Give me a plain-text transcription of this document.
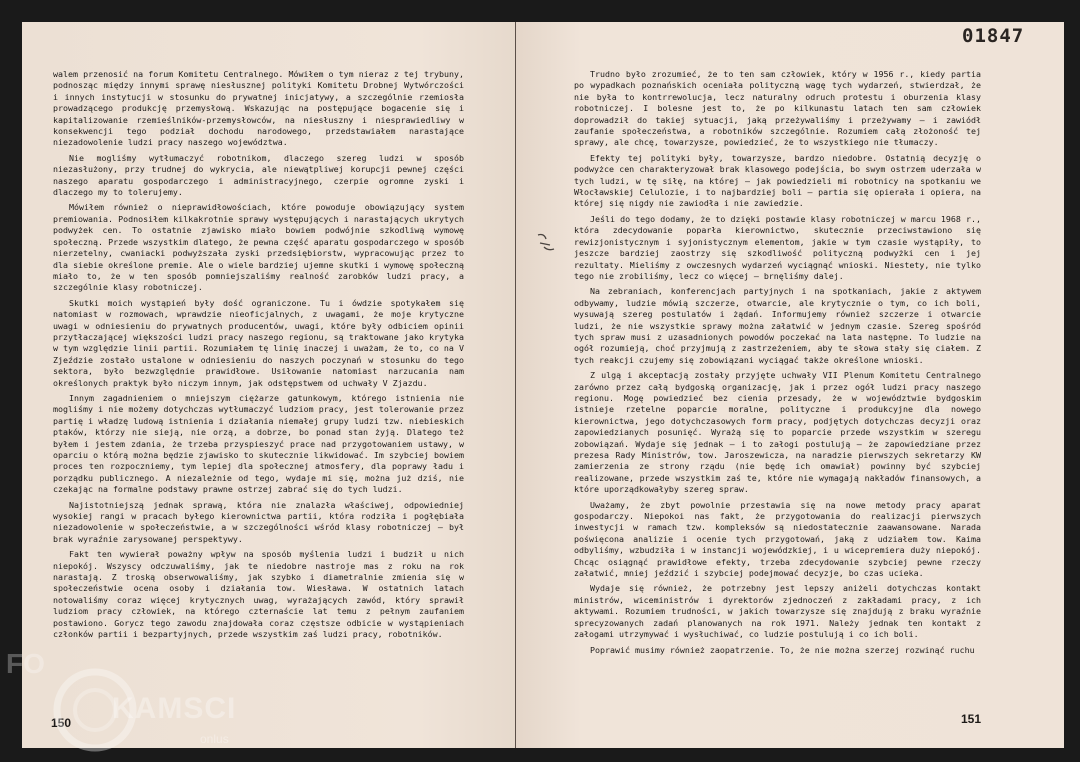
walem przenosić na forum Komitetu Centralnego. Mówiłem o tym nieraz z tej trybuny, podnosząc między innymi sprawę niesłusznej polityki Komitetu Drobnej Wytwórczości i innych instytucji w stosunku do prywatnej inicjatywy, a szczególnie rzemiosła prowadzącego produkcję przemysłową. Wskazując na postępujące bogacenie się i kapitalizowanie rzemieślników-przemysłowców, na niesłuszny i niesprawiedliwy w konsekwencji tego podział dochodu narodowego, przedstawiałem narastające niezadowolenie ludzi pracy naszego województwa.

Nie mogliśmy wytłumaczyć robotnikom, dlaczego szereg ludzi w sposób niezasłużony, przy trudnej do wykrycia, ale niewątpliwej korupcji pewnej części naszego aparatu gospodarczego i administracyjnego, czerpie ogromne zyski i dlaczego my to tolerujemy.

Mówiłem również o nieprawidłowościach, które powoduje obowiązujący system premiowania. Podnosiłem kilkakrotnie sprawy występujących i narastających ukrytych podwyżek cen. To ostatnie zjawisko miało bowiem podwójnie szkodliwą wymowę społeczną. Przede wszystkim dlatego, że pewna część aparatu gospodarczego w sposób nierzetelny, cwaniacki podwyższała zyski przedsiębiorstw, wypracowując przez to dla siebie określone premie. Ale o wiele bardziej ujemne skutki i wymowę społeczną miało to, że w ten sposób pomniejszaliśmy realność zarobków ludzi pracy, a szczególnie klasy robotniczej.

Skutki moich wystąpień były dość ograniczone. Tu i ówdzie spotykałem się natomiast w rozmowach, wprawdzie nieoficjalnych, z uwagami, że moje krytyczne uwagi w odniesieniu do prywatnych producentów, uwagi, które były odbiciem opinii przytłaczającej większości ludzi pracy naszego regionu, są traktowane jako krytyka w tym względzie linii partii. Rozumiałem tę linię inaczej i uważam, że to, co na V Zjeździe zostało ustalone w odniesieniu do naszych poczynań w stosunku do tego sektora, było bezwzględnie prawidłowe. Usiłowanie natomiast narzucania nam określonych praktyk było niczym innym, jak odstępstwem od uchwały V Zjazdu.

Innym zagadnieniem o mniejszym ciężarze gatunkowym, którego istnienia nie mogliśmy i nie możemy dotychczas wytłumaczyć ludziom pracy, jest tolerowanie przez partię i władzę ludową istnienia i działania niemałej grupy ludzi tzw. niebieskich ptaków, którzy nie sieją, nie orzą, a dobrze, bo ponad stan żyją. Dlatego też byłem i jestem zdania, że trzeba przyspieszyć prace nad przygotowaniem ustawy, w oparciu o którą można będzie zjawisko to skutecznie likwidować. Im szybciej bowiem proces ten rozpoczniemy, tym lepiej dla społecznej atmosfery, dla poprawy ładu i porządku publicznego. A niezależnie od tego, wydaje mi się, można już dziś, nie czekając na formalne podstawy prawne ostrzej zabrać się do tych ludzi.

Najistotniejszą jednak sprawą, która nie znalazła właściwej, odpowiedniej wysokiej rangi w pracach byłego kierownictwa partii, która rodziła i pogłębiała niezadowolenie w społeczeństwie, a w szczególności wśród klasy robotniczej — był brak wyraźnie zarysowanej perspektywy.

Fakt ten wywierał poważny wpływ na sposób myślenia ludzi i budził u nich niepokój. Wszyscy odczuwaliśmy, jak te niedobre nastroje mas z roku na rok narastają. Z troską obserwowaliśmy, jak szybko i diametralnie zmienia się w społeczeństwie ocena osoby i działania tow. Wiesława. W ostatnich latach notowaliśmy coraz więcej krytycznych uwag, wyrażających zawód, który sprawił ludziom pracy człowiek, na którego czternaście lat temu z pełnym zaufaniem postawiono. Gorycz tego zawodu znajdowała coraz częstsze odbicie w wystąpieniach członków partii i bezpartyjnych, przede wszystkim zaś ludzi pracy, robotników.

150
01847

Trudno było zrozumieć, że to ten sam człowiek, który w 1956 r., kiedy partia po wypadkach poznańskich oceniała polityczną wagę tych wydarzeń, stwierdzał, że nie była to kontrrewolucja, lecz naturalny odruch protestu i oburzenia klasy robotniczej. I bolesne jest to, że po kilkunastu latach ten sam człowiek doprowadził do takiej sytuacji, jaką przeżywaliśmy i przeżywamy — i zawiódł zaufanie społeczeństwa, a robotników szczególnie. Rozumiem całą złożoność tej sprawy, ale chcę, towarzysze, powiedzieć, że to wszystkiego nie tłumaczy.

Efekty tej polityki były, towarzysze, bardzo niedobre. Ostatnią decyzję o podwyżce cen charakteryzował brak klasowego podejścia, bo swym ostrzem uderzała w tych ludzi, w tę siłę, na której — jak powiedzieli mi robotnicy na spotkaniu we Włocławskiej Celulozie, i to najbardziej boli — partia się opierała i opiera, na której się nigdy nie zawiodła i nie zawiedzie.

Jeśli do tego dodamy, że to dzięki postawie klasy robotniczej w marcu 1968 r., która zdecydowanie poparła kierownictwo, skutecznie przeciwstawiono się rewizjonistycznym i syjonistycznym elementom, jakie w tym czasie wystąpiły, to jeszcze bardziej zaostrzy się szkodliwość polityczną podwyżki cen i jej rezultaty. Mieliśmy z owczesnych wydarzeń wyciągnąć wnioski. Niestety, nie tylko tego nie zrobiliśmy, lecz co więcej — brnęliśmy dalej.

Na zebraniach, konferencjach partyjnych i na spotkaniach, jakie z aktywem odbywamy, ludzie mówią szczerze, otwarcie, ale krytycznie o tym, co ich boli, wysuwają szereg postulatów i żądań. Informujemy również szczerze i otwarcie ludzi, że nie wszystkie sprawy można załatwić w jednym czasie. Szereg spośród tych spraw musi z uzasadnionych powodów poczekać na lata następne. To ludzie na ogół rozumieją, choć przyjmują z zastrzeżeniem, aby te słowa stały się ciałem. Z tych reakcji czujemy się zobowiązani wyciągać także określone wnioski.

Z ulgą i akceptacją zostały przyjęte uchwały VII Plenum Komitetu Centralnego zarówno przez całą bydgoską organizację, jak i przez ogół ludzi pracy naszego regionu. Mogę powiedzieć bez cienia przesady, że w województwie bydgoskim istnieje rzetelne poparcie moralne, polityczne i produkcyjne dla nowego kierownictwa, jego dotychczasowych form pracy, podjętych dotychczas decyzji oraz zapowiedzianych posunięć. Wyrażą się to poparcie przede wszystkim w szeregu zobowiązań. Wydaje się jednak — i to załogi postulują — że zapowiedziane przez prezesa Rady Ministrów, tow. Jaroszewicza, na naradzie pierwszych sekretarzy KW zamierzenia ze strony rządu (nie będę ich omawiał) powinny być szybciej realizowane, przede wszystkim zaś te, które nie wymagają nakładów finansowych, a które uporządkowałyby szereg spraw.

Uważamy, że zbyt powolnie przestawia się na nowe metody pracy aparat gospodarczy. Niepokoi nas fakt, że przygotowania do realizacji pierwszych inwestycji w ramach tzw. kompleksów są niedostatecznie zaawansowane. Narada poświęcona analizie i ocenie tych przygotowań, jaką z udziałem tow. Kaima odbyliśmy, wzbudziła i w instancji wojewódzkiej, i u wicepremiera duży niepokój. Chcąc osiągnąć prawidłowe efekty, trzeba zdecydowanie szybciej pewne rzeczy załatwić, mniej jeździć i szybciej podejmować decyzje, bo czas ucieka.

Wydaje się również, że potrzebny jest lepszy aniżeli dotychczas kontakt ministrów, wiceministrów i dyrektorów zjednoczeń z zakładami pracy, z ich aktywami. Rozumiem trudności, w jakich towarzysze się znajdują z braku wyraźnie sprecyzowanych zadań planowanych na rok 1971. Należy jednak ten kontakt z załogami utrzymywać i wysłuchiwać, co ludzie postulują i co ich boli.

Poprawić musimy również zaopatrzenie. To, że nie można szerzej rozwinąć ruchu

151
FO
KAMSCI
onlus
